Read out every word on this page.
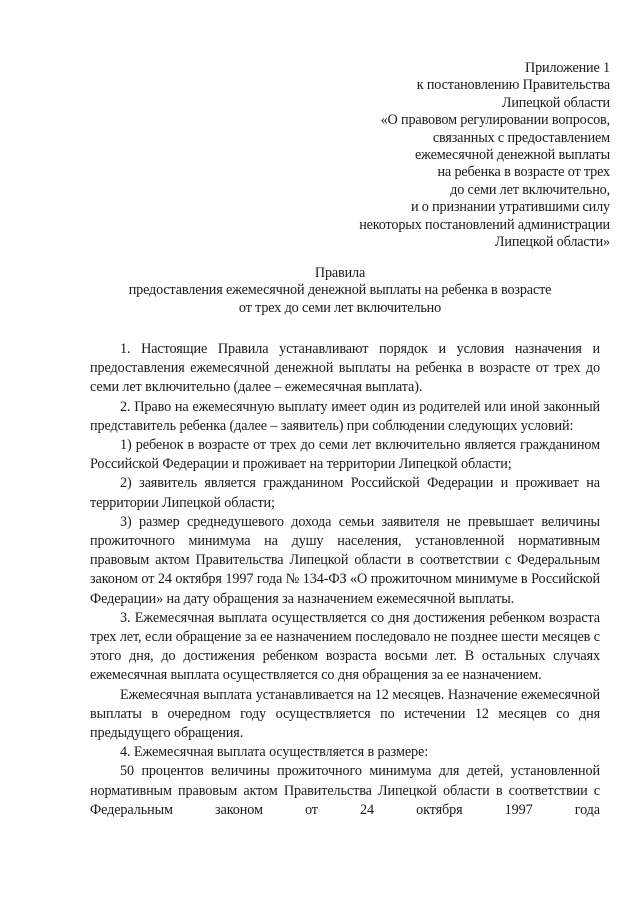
Приложение 1
к постановлению Правительства
Липецкой области
«О правовом регулировании вопросов,
связанных с предоставлением
ежемесячной денежной выплаты
на ребенка в возрасте от трех
до семи лет включительно,
и о признании утратившими силу
некоторых постановлений администрации
Липецкой области»
Правила
предоставления ежемесячной денежной выплаты на ребенка в возрасте
от трех до семи лет включительно

1. Настоящие Правила устанавливают порядок и условия назначения и предоставления ежемесячной денежной выплаты на ребенка в возрасте от трех до семи лет включительно (далее – ежемесячная выплата).

2. Право на ежемесячную выплату имеет один из родителей или иной законный представитель ребенка (далее – заявитель) при соблюдении следующих условий:

1) ребенок в возрасте от трех до семи лет включительно является гражданином Российской Федерации и проживает на территории Липецкой области;

2) заявитель является гражданином Российской Федерации и проживает на территории Липецкой области;

3) размер среднедушевого дохода семьи заявителя не превышает величины прожиточного минимума на душу населения, установленной нормативным правовым актом Правительства Липецкой области в соответствии с Федеральным законом от 24 октября 1997 года № 134-ФЗ «О прожиточном минимуме в Российской Федерации» на дату обращения за назначением ежемесячной выплаты.

3. Ежемесячная выплата осуществляется со дня достижения ребенком возраста трех лет, если обращение за ее назначением последовало не позднее шести месяцев с этого дня, до достижения ребенком возраста восьми лет. В остальных случаях ежемесячная выплата осуществляется со дня обращения за ее назначением.

Ежемесячная выплата устанавливается на 12 месяцев. Назначение ежемесячной выплаты в очередном году осуществляется по истечении 12 месяцев со дня предыдущего обращения.

4. Ежемесячная выплата осуществляется в размере:

50 процентов величины прожиточного минимума для детей, установленной нормативным правовым актом Правительства Липецкой области в соответствии с Федеральным законом от 24 октября 1997 года
